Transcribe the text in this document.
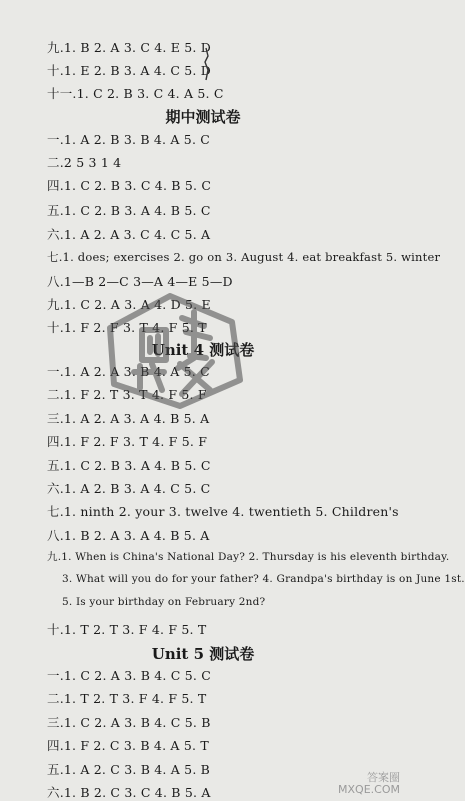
九.1. B 2. A 3. C 4. E 5. D
十.1. E 2. B 3. A 4. C 5. D
十一.1. C 2. B 3. C 4. A 5. C
期中测试卷
一.1. A 2. B 3. B 4. A 5. C
二.2 5 3 1 4
四.1. C 2. B 3. C 4. B 5. C
五.1. C 2. B 3. A 4. B 5. C
六.1. A 2. A 3. C 4. C 5. A
七.1. does; exercises 2. go on 3. August 4. eat breakfast 5. winter
八.1—B 2—C 3—A 4—E 5—D
九.1. C 2. A 3. A 4. D 5. E
十.1. F 2. F 3. T 4. F 5. T
Unit 4 测试卷
一.1. A 2. A 3. B 4. A 5. C
二.1. F 2. T 3. T 4. F 5. F
三.1. A 2. A 3. A 4. B 5. A
四.1. F 2. F 3. T 4. F 5. F
五.1. C 2. B 3. A 4. B 5. C
六.1. A 2. B 3. A 4. C 5. C
七.1. ninth 2. your 3. twelve 4. twentieth 5. Children's
八.1. B 2. A 3. A 4. B 5. A
九.1. When is China's National Day? 2. Thursday is his eleventh birthday.
3. What will you do for your father? 4. Grandpa's birthday is on June 1st.
5. Is your birthday on February 2nd?
十.1. T 2. T 3. F 4. F 5. T
Unit 5 测试卷
一.1. C 2. A 3. B 4. C 5. C
二.1. T 2. T 3. F 4. F 5. T
三.1. C 2. A 3. B 4. C 5. B
四.1. F 2. C 3. B 4. A 5. T
五.1. A 2. C 3. B 4. A 5. B
六.1. B 2. C 3. C 4. B 5. A
答案圈
MXQE.COM
